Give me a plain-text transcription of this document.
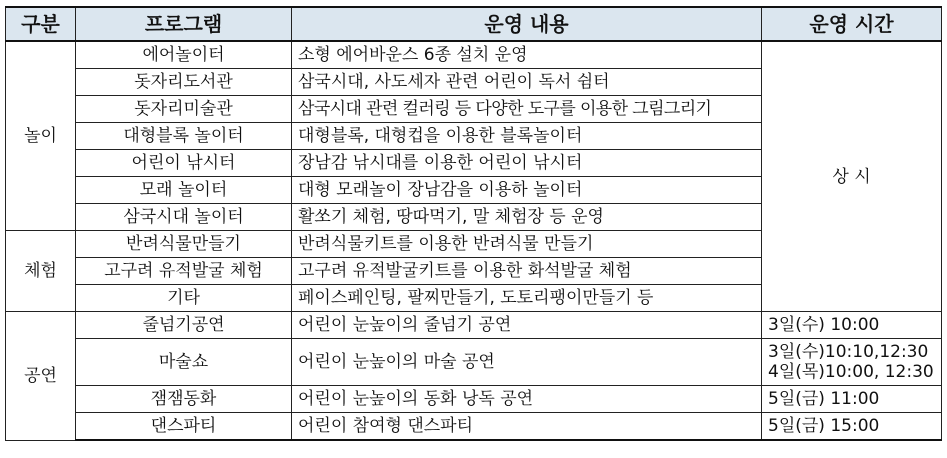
구분	프로그램	운영 내용	운영 시간
놀이	에어놀이터	소형 에어바운스 6종 설치 운영	상 시
	돗자리도서관	삼국시대, 사도세자 관련 어린이 독서 쉼터	
	돗자리미술관	삼국시대 관련 컬러링 등 다양한 도구를 이용한 그림그리기	
	대형블록 놀이터	대형블록, 대형컵을 이용한 블록놀이터	
	어린이 낚시터	장남감 낚시대를 이용한 어린이 낚시터	
	모래 놀이터	대형 모래놀이 장남감을 이용하 놀이터	
	삼국시대 놀이터	활쏘기 체험, 땅따먹기, 말 체험장 등 운영	
체험	반려식물만들기	반려식물키트를 이용한 반려식물 만들기	
	고구려 유적발굴 체험	고구려 유적발굴키트를 이용한 화석발굴 체험	
	기타	페이스페인팅, 팔찌만들기, 도토리팽이만들기 등	
공연	줄넘기공연	어린이 눈높이의 줄넘기 공연	3일(수) 10:00
	마술쇼	어린이 눈높이의 마술 공연	3일(수)10:10,12:30
4일(목)10:00, 12:30

	잼잼동화	어린이 눈높이의 동화 낭독 공연	5일(금) 11:00
	댄스파티	어린이 참여형 댄스파티	5일(금) 15:00
